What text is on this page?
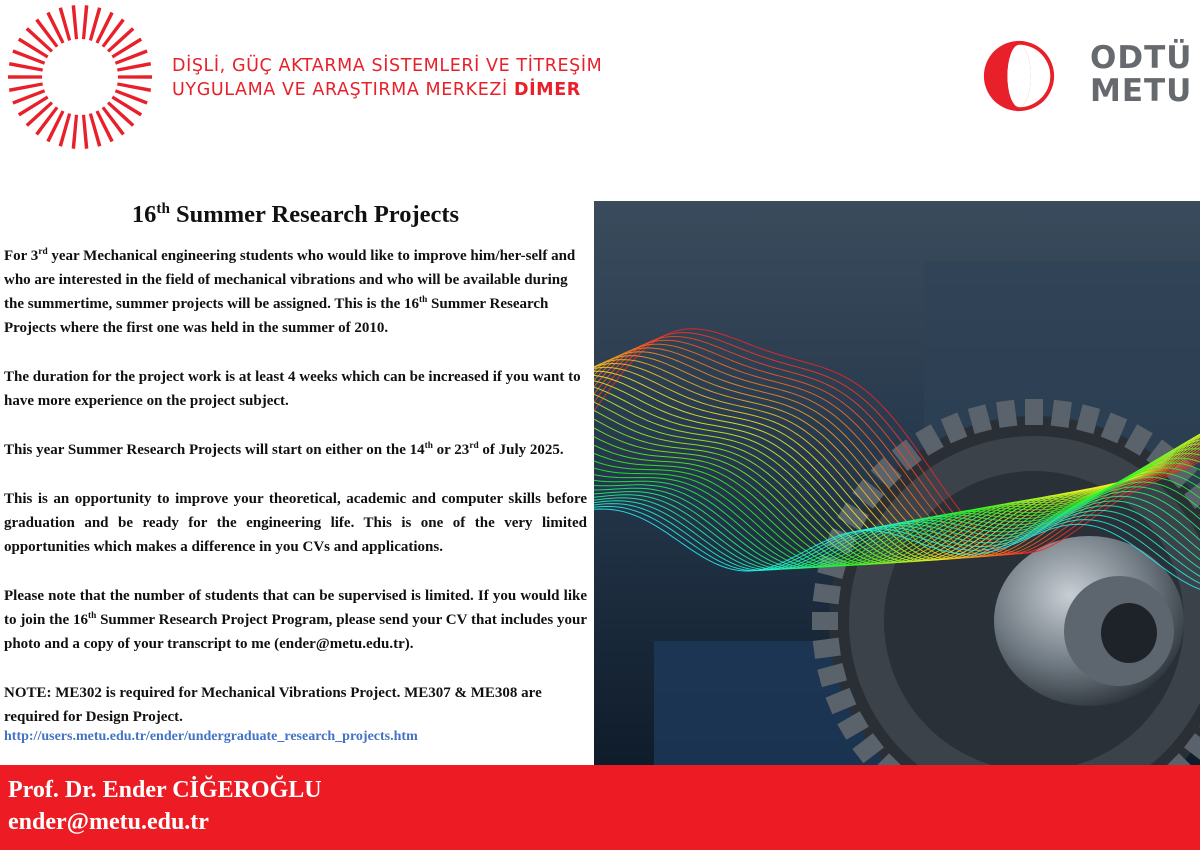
DİŞLİ, GÜÇ AKTARMA SİSTEMLERİ VE TİTREŞİM
UYGULAMA VE ARAŞTIRMA MERKEZİ DİMER
ODTÜ
METU
16th Summer Research Projects

For 3rd year Mechanical engineering students who would like to improve him/her-self and who are interested in the field of mechanical vibrations and who will be available during the summertime, summer projects will be assigned. This is the 16th Summer Research Projects where the first one was held in the summer of 2010.

The duration for the project work is at least 4 weeks which can be increased if you want to have more experience on the project subject.

This year Summer Research Projects will start on either on the 14th or 23rd of July 2025.

This is an opportunity to improve your theoretical, academic and computer skills before graduation and be ready for the engineering life. This is one of the very limited opportunities which makes a difference in you CVs and applications.

Please note that the number of students that can be supervised is limited. If you would like to join the 16th Summer Research Project Program, please send your CV that includes your photo and a copy of your transcript to me (ender@metu.edu.tr).

NOTE: ME302 is required for Mechanical Vibrations Project. ME307 & ME308 are required for Design Project.

http://users.metu.edu.tr/ender/undergraduate_research_projects.htm
Prof. Dr. Ender CİĞEROĞLU
ender@metu.edu.tr
